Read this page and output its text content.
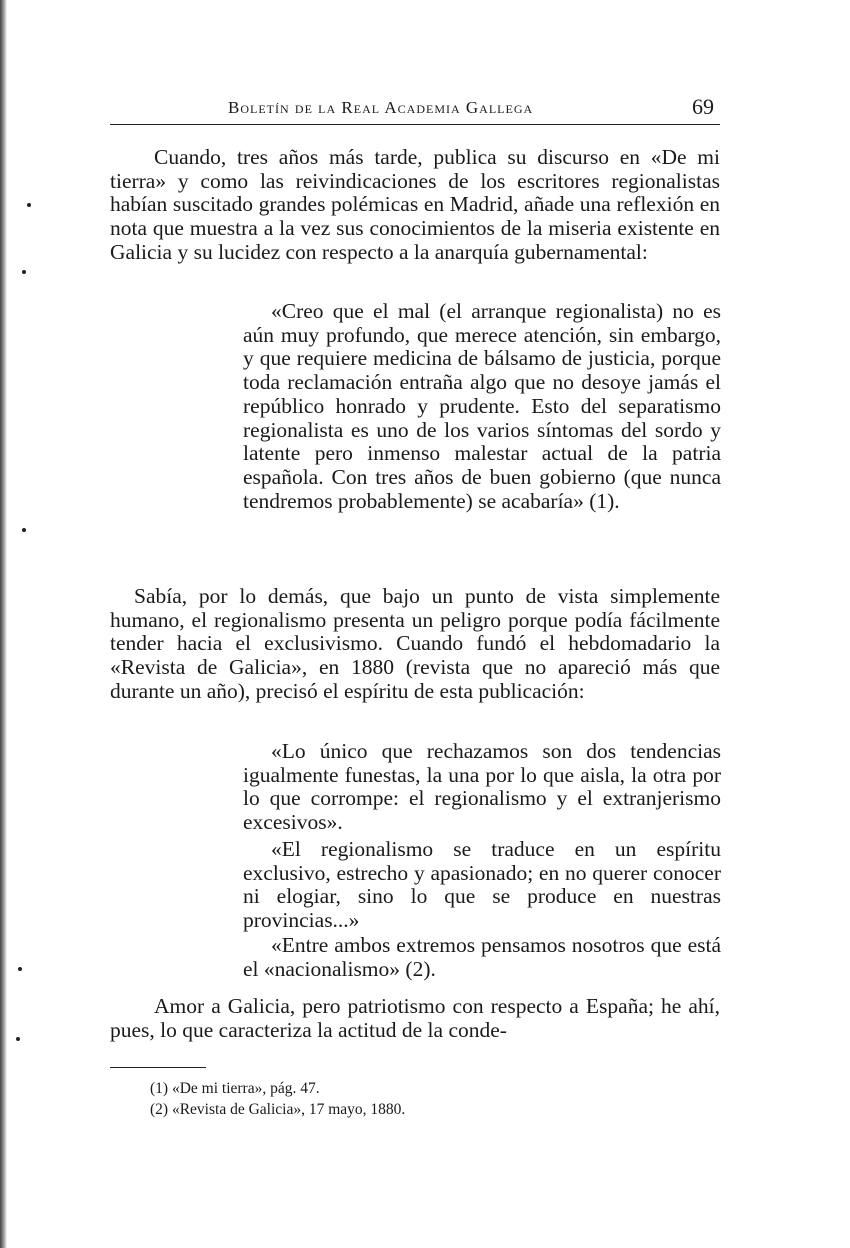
Boletín de la Real Academia Gallega	69

Cuando, tres años más tarde, publica su discurso en «De mi tierra» y como las reivindicaciones de los escritores regionalistas habían suscitado grandes polémicas en Madrid, añade una reflexión en nota que muestra a la vez sus conocimientos de la miseria existente en Galicia y su lucidez con respecto a la anarquía gubernamental:

«Creo que el mal (el arranque regionalista) no es aún muy profundo, que merece atención, sin embargo, y que requiere medicina de bálsamo de justicia, porque toda reclamación entraña algo que no desoye jamás el repúblico honrado y prudente. Esto del separatismo regionalista es uno de los varios síntomas del sordo y latente pero inmenso malestar actual de la patria española. Con tres años de buen gobierno (que nunca tendremos probablemente) se acabaría» (1).

Sabía, por lo demás, que bajo un punto de vista simplemente humano, el regionalismo presenta un peligro porque podía fácilmente tender hacia el exclusivismo. Cuando fundó el hebdomadario la «Revista de Galicia», en 1880 (revista que no apareció más que durante un año), precisó el espíritu de esta publicación:

«Lo único que rechazamos son dos tendencias igualmente funestas, la una por lo que aisla, la otra por lo que corrompe: el regionalismo y el extranjerismo excesivos».

«El regionalismo se traduce en un espíritu exclusivo, estrecho y apasionado; en no querer conocer ni elogiar, sino lo que se produce en nuestras provincias...»

«Entre ambos extremos pensamos nosotros que está el «nacionalismo» (2).

Amor a Galicia, pero patriotismo con respecto a España; he ahí, pues, lo que caracteriza la actitud de la conde-

(1) «De mi tierra», pág. 47.

(2) «Revista de Galicia», 17 mayo, 1880.
